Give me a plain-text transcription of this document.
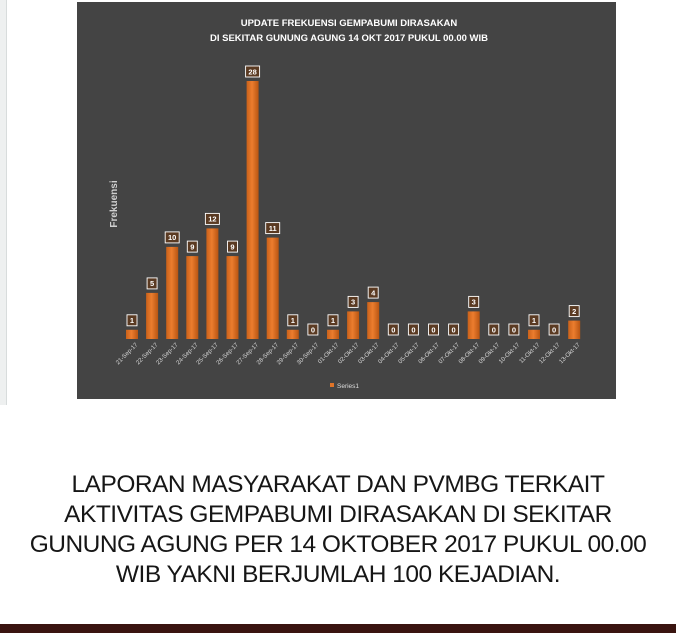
UPDATE FREKUENSI GEMPABUMI DIRASAKAN
DI SEKITAR GUNUNG AGUNG 14 OKT 2017 PUKUL 00.00 WIB
Frekuensi
1
21-Sep-17
5
22-Sep-17
10
23-Sep-17
9
24-Sep-17
12
25-Sep-17
9
26-Sep-17
28
27-Sep-17
11
28-Sep-17
1
29-Sep-17
0
30-Sep-17
1
01-Okt-17
3
02-Okt-17
4
03-Okt-17
0
04-Okt-17
0
05-Okt-17
0
06-Okt-17
0
07-Okt-17
3
08-Okt-17
0
09-Okt-17
0
10-Okt-17
1
11-Okt-17
0
12-Okt-17
2
13-Okt-17
Series1

LAPORAN MASYARAKAT DAN PVMBG TERKAIT AKTIVITAS GEMPABUMI DIRASAKAN DI SEKITAR GUNUNG AGUNG PER 14 OKTOBER 2017 PUKUL 00.00 WIB YAKNI BERJUMLAH 100 KEJADIAN.
